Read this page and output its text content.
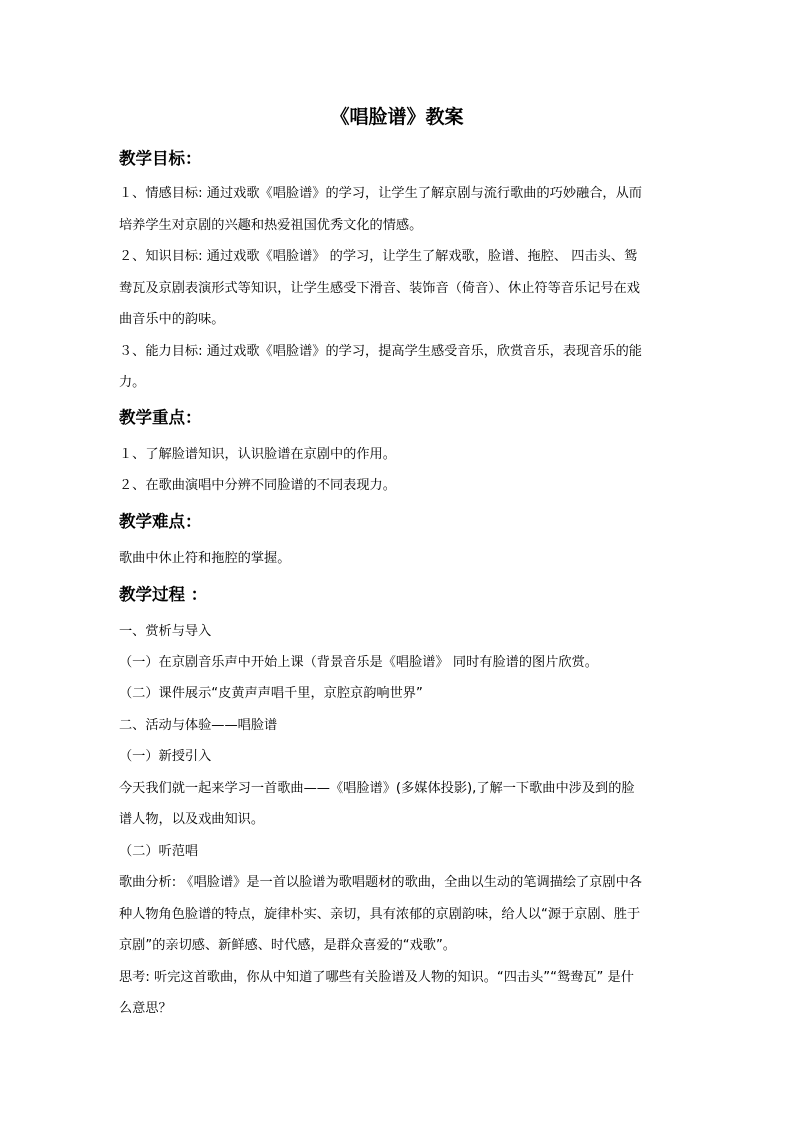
《唱脸谱》教案
教学目标：
１、情感目标: 通过戏歌《唱脸谱》的学习，让学生了解京剧与流行歌曲的巧妙融合，从而
培养学生对京剧的兴趣和热爱祖国优秀文化的情感。
２、知识目标: 通过戏歌《唱脸谱》 的学习，让学生了解戏歌，脸谱、拖腔、 四击头、鸳
鸯瓦及京剧表演形式等知识，让学生感受下滑音、装饰音（倚音）、休止符等音乐记号在戏
曲音乐中的韵味。
３、能力目标: 通过戏歌《唱脸谱》的学习，提高学生感受音乐，欣赏音乐，表现音乐的能
力。
教学重点：
１、了解脸谱知识，认识脸谱在京剧中的作用。
２、在歌曲演唱中分辨不同脸谱的不同表现力。
教学难点：
歌曲中休止符和拖腔的掌握。
教学过程 ：
一、赏析与导入
（一）在京剧音乐声中开始上课（背景音乐是《唱脸谱》 同时有脸谱的图片欣赏。
（二）课件展示“皮黄声声唱千里，京腔京韵响世界”
二、活动与体验——唱脸谱
（一）新授引入
今天我们就一起来学习一首歌曲——《唱脸谱》(多媒体投影),了解一下歌曲中涉及到的脸
谱人物，以及戏曲知识。
（二）听范唱
歌曲分析: 《唱脸谱》是一首以脸谱为歌唱题材的歌曲，全曲以生动的笔调描绘了京剧中各
种人物角色脸谱的特点，旋律朴实、亲切，具有浓郁的京剧韵味，给人以“源于京剧、胜于
京剧”的亲切感、新鲜感、时代感，是群众喜爱的“戏歌”。
思考: 听完这首歌曲，你从中知道了哪些有关脸谱及人物的知识。“四击头”“鸳鸯瓦” 是什
么意思？
